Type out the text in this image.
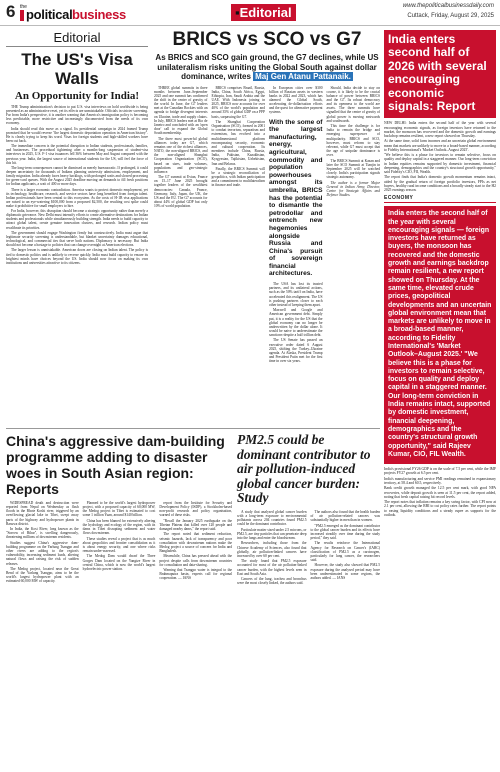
6 the political business	▪Editorial	www.thepoliticalbusinessdaily.com
Cuttack, Friday, August 29, 2025
Editorial
The US's Visa Walls
An Opportunity for India!

THE Trump administration's decision to put U.S. visa interviews on hold worldwide is being presented as an administrative reset, yet its effects are unmistakable. Officials in stricter screening. Far from India's perspective, it is another warning that America's immigration policy is becoming less predictable, more restrictive and increasingly disconnected from the needs of its own economy.

India should read this move as a signal. Its presidential campaign in 2024 framed Trump promised that he would reverse "the largest domestic deportation operation in American history". He is clearly trying to keep his word. Visas for foreign students and high-skilled workers have been cut back.

The immediate concern is the potential disruption to Indian students, professionals, families, and businesses. The procedural tightening after a months-long suspension of student-visa interviews in 2025, U.S. F-1 visa issuances fell 36% between May and August compared with the previous year. India, the largest source of international students for the US, will feel the force of this hit.

The long-term consequences cannot be dismissed as merely bureaucratic. If prolonged, it could deepen uncertainty for thousands of Indians planning university admissions, employment, and family migration. India already faces heavy backlogs, with prolonged waits and slowed processing for green-card queues. With the August 2025 deadline moving on demands to fill fresh positions for Indian applicants, a wait of 400 or more days.

There is a larger economic contradiction. America wants to protect domestic employment, yet its technology, healthcare, research, and service sectors have long benefited from foreign talent. Indian professionals have been central to this ecosystem. As the costs of H-1B visa applications are raised to an eye-watering $100,000 from a proposed $2,500, the resulting cost spike could make it prohibitive for small employers to hire.

For India, however, this disruption should become a strategic opportunity rather than merely a diplomatic grievance. New Delhi must intensify efforts to create alternative destinations for Indian students and professionals while simultaneously building strength. India needs to build capacity to attract global talent, create genuine innovation clusters, and research. Indian policy must recalibrate its priorities.

The government should engage Washington firmly but constructively. India must argue that legitimate security screening is understandable, but blanket uncertainty damages educational, technological, and commercial ties that serve both nations. Diplomacy is necessary. But India should not become a hostage to policies that can change overnight at American elections.

The larger lesson is unmistakable. American doors are closing on Indian talent. The policy is tied to domestic politics and is unlikely to reverse quickly. India must build capacity to ensure its brightest minds have choices beyond the US. India should now focus on making its own institutions and universities attractive to its citizens.

BRICS vs SCO vs G7
As BRICS and SCO gain ground, the G7 declines, while US unilateralism risks uniting the Global South against dollar dominance, writes Maj Gen Atanu Pattanaik.

THREE global summits in three months between June–September 2025 and one summit has confirmed the shift in the center of gravity of the world. In June, the G7 leaders met at the Canadian Rockies with an agenda to bridge divergent interests on Ukraine, trade and supply chains. In July, BRICS leaders met at Rio de Janeiro and concluded with an 'open door' call to expand the Global South membership.

The three most powerful global alliances today are G7, which remains one of the richest alliances, NATO, the non-aligned BRICS, and the non-aligned Shanghai Cooperation Organization (SCO), based on sizes, trade volumes, populations and geo-strategic influence.

The G7 summit at Evian, France on 15–17 June 2025 brought together leaders of the wealthiest democracies: Canada, France, Germany, Italy, Japan, the UK, the US and the EU. The G7 accounts for about 44% of global GDP but only 10% of world population.

BRICS comprises Brazil, Russia, India, China, South Africa, Egypt, Ethiopia, Iran, Saudi Arabia and the UAE. With Indonesia joining in 2025, BRICS now accounts for over 40% of the world's population and around 35% of global GDP on a PPP basis, surpassing the G7.

The Shanghai Cooperation Organisation (SCO), formed in 2001 to combat terrorism, separatism and extremism, has evolved into a multidimensional platform encompassing security, economic and cultural cooperation. Its members include China, Russia, India, Pakistan, Kazakhstan, Kyrgyzstan, Tajikistan, Uzbekistan, Iran and Belarus.

Finally, the BRICS Summit will be a strategic reconciliation of geopolitics, with Indian participation and a commitment to multilateralism in finance and trade.

In European cities over $300 billion of Russian assets in western banks in 2022 and 2023, which has alarmed the Global South, accelerating de-dollarisation efforts and the quest for alternative payment systems.

With the some of the largest manufacturing, energy, agricultural, commodity and population powerhouses amongst its umbrella, BRICS has the potential to dismantle the petrodollar and entrench new hegemonies alongside Russia and China's pursuit of sovereign financial architectures.

The USA has lost its trusted partners, and its unilateral actions, such as the 50% tariff on India, have accelerated this realignment. The US is pushing partners closer to each other instead of keeping them apart.

Maxwell and Google and American government debt. Simply put, it is a reality for the US that the global economy can no longer be underwritten by the dollar alone. It would be naive to underestimate the sanctions-despite a half trillion debt.

The US Senate has passed an executive order dated 6 August 2025, shifting the Turkey–Ukraine agenda. At Alaska, President Trump and President Putin met for the first time in over six years.

Should, India decide to stay on course, it is likely to be the crucial balance of power between BRICS and the G7. Its robust democracy and its openness to the world are assets. The three summits have signalled that the centre of gravity of global power is moving eastwards and southwards.

This time the challenge is for India to remain the bridge and emerging superpower of multipolarity. BRICS and SCO, however, must reform to stay relevant, while G7 must accept that the age of unipolar dominance is over.

The BRICS Summit at Kazan and later the SCO Summit at Tianjin in September 2025 will be watched closely. India's participation signals strategic autonomy.

The author is a former Major General in Indian Army, Director, Centre for Strategic Affairs and Defence Studies.

India enters second half of 2026 with several encouraging economic signals: Report

NEW DELHI: India enters the second half of the year with several encouraging economic signals, as foreign investors have returned to the market, the monsoon has recovered and the domestic growth and earnings backdrop remains resilient, a new report showed on Thursday.

At the same time, solid farm incomes and an uncertain global environment mean that markets are unlikely to move in a broad-based manner, according to Fidelity International's 'Market Outlook–August 2025'.

"We believe this is a phase for investors to remain selective, focus on quality and deploy capital in a staggered manner. Our long-term conviction in Indian equities remains supported by domestic investment, financial deepening, demographics and the country's structural growth opportunity," said Fidelity's CIO, FII, Wealth.

The report finds that India's domestic growth momentum remains intact, aided by the gradual return of foreign portfolio investors, FPIs as net buyers, healthy rural income conditions and a broadly steady start to the H2 2025 earnings season.

ECONOMY
India enters the second half of the year with several encouraging signals — foreign investors have returned as buyers, the monsoon has recovered and the domestic growth and earnings backdrop remain resilient, a new report showed on Thursday. At the same time, elevated crude prices, geopolitical developments and an uncertain global environment mean that markets are unlikely to move in a broad-based manner, according to Fidelity International's 'Market Outlook–August 2025.' "We believe this is a phase for investors to remain selective, focus on quality and deploy capital in a staggered manner. Our long-term conviction in India remains intact, supported by domestic investment, financial deepening, demographics and the country's structural growth opportunity," said Rajeev Kumar, CIO, FIL Wealth.

India's provisional FY26 GDP is on the scale of 7.5 per cent, while the IMF projects FY27 growth at 6.5 per cent.

India's manufacturing and service PMI readings remained in expansionary territory, at 58.4 and 60.5, respectively.

Bank credit growth managed the 12.5 per cent mark, with good NPA recoveries, while deposit growth is seen at 11.5 per cent, the report added, noting that fresh capital raising hit record levels.

The report notes that inflation remains a key swing factor, with CPI now at 2.1 per cent, allowing the RBI to cut policy rates further. The report points to easing liquidity conditions and a steady rupee as supports for the outlook.

China's aggressive dam-building programme adding to disaster woes in South Asian region: Reports

WIDESPREAD death and destruction were reported from Nepal on Wednesday as flash floods in the Bhote Koshi river, triggered by an overflowing glacial lake in Tibet, swept away parts of the highway and hydropower plants in Rasuwa district.

In India, the Kosi River, long known as the "Sorrow of Bihar", is swelling dangerously, threatening millions of downstream residents.

Studies suggest China's aggressive dam-building programme on the Yarlung Tsangpo and other rivers are adding to the region's vulnerability, increasing sediment loads, altering natural flows and raising the risk of sudden releases.

The Medog project, located near the Great Bend of the Yarlung Tsangpo, aims to be the world's largest hydropower plant with an estimated 60,000 MW of capacity.

Planned to be the world's largest hydropower project, with a proposed capacity of 60,000 MW, the Medog project in Tibet is estimated to cost some 1 trillion Yuan, around $140 billion.

China has been blamed for extensively altering the hydrology and ecology of the region, with its dams in Tibet disrupting sediment and water flows downstream.

These studies reveal a project that is as much about geopolitics and frontier consolidation as it is about energy security, and one where risks remain under-assessed.

The Medog Dam would dwarf the Three Gorges Dam located on the Yangtze River in central China, which is now the world's largest hydroelectric power station.

report from the Institute for Security and Development Policy (ISDP), a Stockholm-based non-profit research and policy organisation, warned of these risks.

"Recall the January 2025 earthquake on the Tibetan Plateau that killed over 120 people and damaged nearby dams," the report said.

The report noted that sediment reduction, seismic hazards, lack of transparency and poor consultation with downstream nations make the Medog project a source of concern for India and Bangladesh.

Meanwhile, China has pressed ahead with the project despite calls from downstream countries for consultation and data-sharing.

Warning that Tsangpo water is integral to the Brahmaputra basin, experts call for regional cooperation. — IANS

PM2.5 could be dominant contributor to air pollution-induced global cancer burden: Study

A study that analysed global cancer burden with a long-term exposure to environmental pollutants across 204 countries found PM2.5 could be the dominant contributor.

Particulate matter sized under 2.5 microns, or PM2.5, are tiny particles that can penetrate deep into the lungs and enter the bloodstream.

Researchers, including those from the Chinese Academy of Sciences, also found that globally, air pollution-linked cancers have increased by over 60 per cent.

The study found that PM2.5 exposure accounted for most of the air pollution-linked cancer burden, with the highest levels seen in East and South Asia.

Cancers of the lung, trachea and bronchus were the most closely linked, the authors said.

The authors also found that the health burden of air pollution-related cancers was substantially higher in men than in women.

"PM2.5 emerged as the dominant contributor to the global cancer burden and its effects have increased steadily over time during the study period," they said.

The results reinforce the International Agency for Research on Cancer's (IARC) classification of PM2.5 as a carcinogen, particularly for lung cancer, the researchers said.

However, the study also showed that PM2.5 exposure during the analysed period may have been underestimated in some regions, the authors added. — IANS
